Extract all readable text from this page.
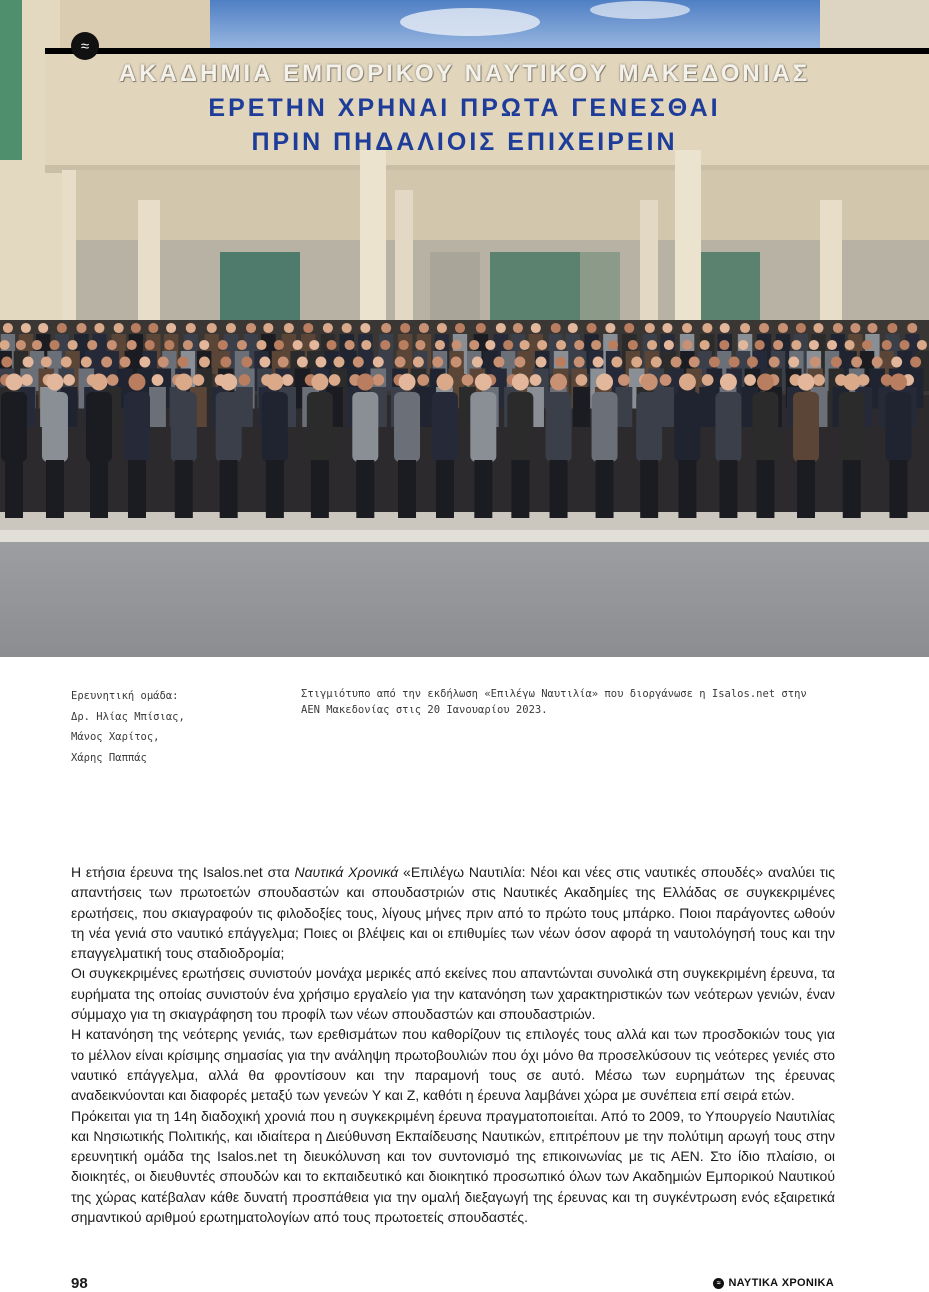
ΑΚΑΔΗΜΙΑ ΕΜΠΟΡΙΚΟΥ ΝΑΥΤΙΚΟΥ ΜΑΚΕΔΟΝΙΑΣ
ΕΡΕΤΗΝ ΧΡΗΝΑΙ ΠΡΩΤΑ ΓΕΝΕΣΘΑΙ
ΠΡΙΝ ΠΗΔΑΛΙΟΙΣ ΕΠΙΧΕΙΡΕΙΝ
≈
Ερευνητική ομάδα:
Δρ. Ηλίας Μπίσιας,
Μάνος Χαρίτος,
Χάρης Παππάς
Στιγμιότυπο από την εκδήλωση «Επιλέγω Ναυτιλία» που διοργάνωσε η Isalos.net στην ΑΕΝ Μακεδονίας στις 20 Ιανουαρίου 2023.

Η ετήσια έρευνα της Isalos.net στα Ναυτικά Χρονικά «Επιλέγω Ναυτιλία: Νέοι και νέες στις ναυτικές σπουδές» αναλύει τις απαντήσεις των πρωτοετών σπουδαστών και σπουδαστριών στις Ναυτικές Ακαδημίες της Ελλάδας σε συγκεκριμένες ερωτήσεις, που σκιαγραφούν τις φιλοδοξίες τους, λίγους μήνες πριν από το πρώτο τους μπάρκο. Ποιοι παράγοντες ωθούν τη νέα γενιά στο ναυτικό επάγγελμα; Ποιες οι βλέψεις και οι επιθυμίες των νέων όσον αφορά τη ναυτολόγησή τους και την επαγγελματική τους σταδιοδρομία;

Οι συγκεκριμένες ερωτήσεις συνιστούν μονάχα μερικές από εκείνες που απαντώνται συνολικά στη συγκεκριμένη έρευνα, τα ευρήματα της οποίας συνιστούν ένα χρήσιμο εργαλείο για την κατανόηση των χαρακτηριστικών των νεότερων γενιών, έναν σύμμαχο για τη σκιαγράφηση του προφίλ των νέων σπουδαστών και σπουδαστριών.

Η κατανόηση της νεότερης γενιάς, των ερεθισμάτων που καθορίζουν τις επιλογές τους αλλά και των προσδοκιών τους για το μέλλον είναι κρίσιμης σημασίας για την ανάληψη πρωτοβουλιών που όχι μόνο θα προσελκύσουν τις νεότερες γενιές στο ναυτικό επάγγελμα, αλλά θα φροντίσουν και την παραμονή τους σε αυτό. Μέσω των ευρημάτων της έρευνας αναδεικνύονται και διαφορές μεταξύ των γενεών Y και Z, καθότι η έρευνα λαμβάνει χώρα με συνέπεια επί σειρά ετών.

Πρόκειται για τη 14η διαδοχική χρονιά που η συγκεκριμένη έρευνα πραγματοποιείται. Από το 2009, το Υπουργείο Ναυτιλίας και Νησιωτικής Πολιτικής, και ιδιαίτερα η Διεύθυνση Εκπαίδευσης Ναυτικών, επιτρέπουν με την πολύτιμη αρωγή τους στην ερευνητική ομάδα της Isalos.net τη διευκόλυνση και τον συντονισμό της επικοινωνίας με τις ΑΕΝ. Στο ίδιο πλαίσιο, οι διοικητές, οι διευθυντές σπουδών και το εκπαιδευτικό και διοικητικό προσωπικό όλων των Ακαδημιών Εμπορικού Ναυτικού της χώρας κατέβαλαν κάθε δυνατή προσπάθεια για την ομαλή διεξαγωγή της έρευνας και τη συγκέντρωση ενός εξαιρετικά σημαντικού αριθμού ερωτηματολογίων από τους πρωτοετείς σπουδαστές.

98	≈ ΝΑΥΤΙΚΑ ΧΡΟΝΙΚΑ
